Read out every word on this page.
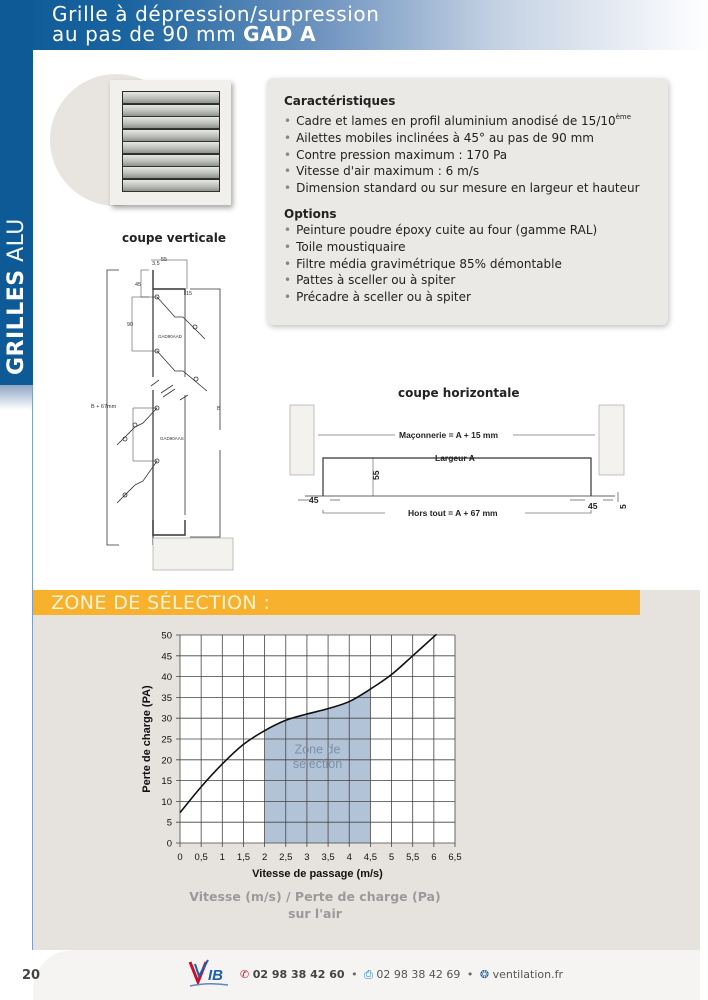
Grille à dépression/surpression
au pas de 90 mm GAD A
GRILLES ALU
Caractéristiques
• Cadre et lames en profil aluminium anodisé de 15/10ème
• Ailettes mobiles inclinées à 45° au pas de 90 mm
• Contre pression maximum : 170 Pa
• Vitesse d'air maximum : 6 m/s
• Dimension standard ou sur mesure en largeur et hauteur
Options
• Peinture poudre époxy cuite au four (gamme RAL)
• Toile moustiquaire
• Filtre média gravimétrique 85% démontable
• Pattes à sceller ou à spiter
• Précadre à sceller ou à spiter
coupe verticale
3.5
55
45
90
15
GAD90AAD
GAD90AAS
B
B + 67mm
coupe horizontale
Maçonnerie = A + 15 mm
Largeur A
45
45
Hors tout = A + 67 mm
55
5
ZONE DE SÉLECTION :
0 0,5 1 1,5 2 2,5 3 3,5 4 4,5 5 5,5 6 6,5
0
5
10
15
20
25
30
35
40
45
50
Zone de
sélection
Vitesse de passage (m/s)
Perte de charge (PA)
Vitesse (m/s) / Perte de charge (Pa)
sur l'air
20	IB ✆ 02 98 38 42 60 • ⎙ 02 98 38 42 69 • ❂ ventilation.fr
